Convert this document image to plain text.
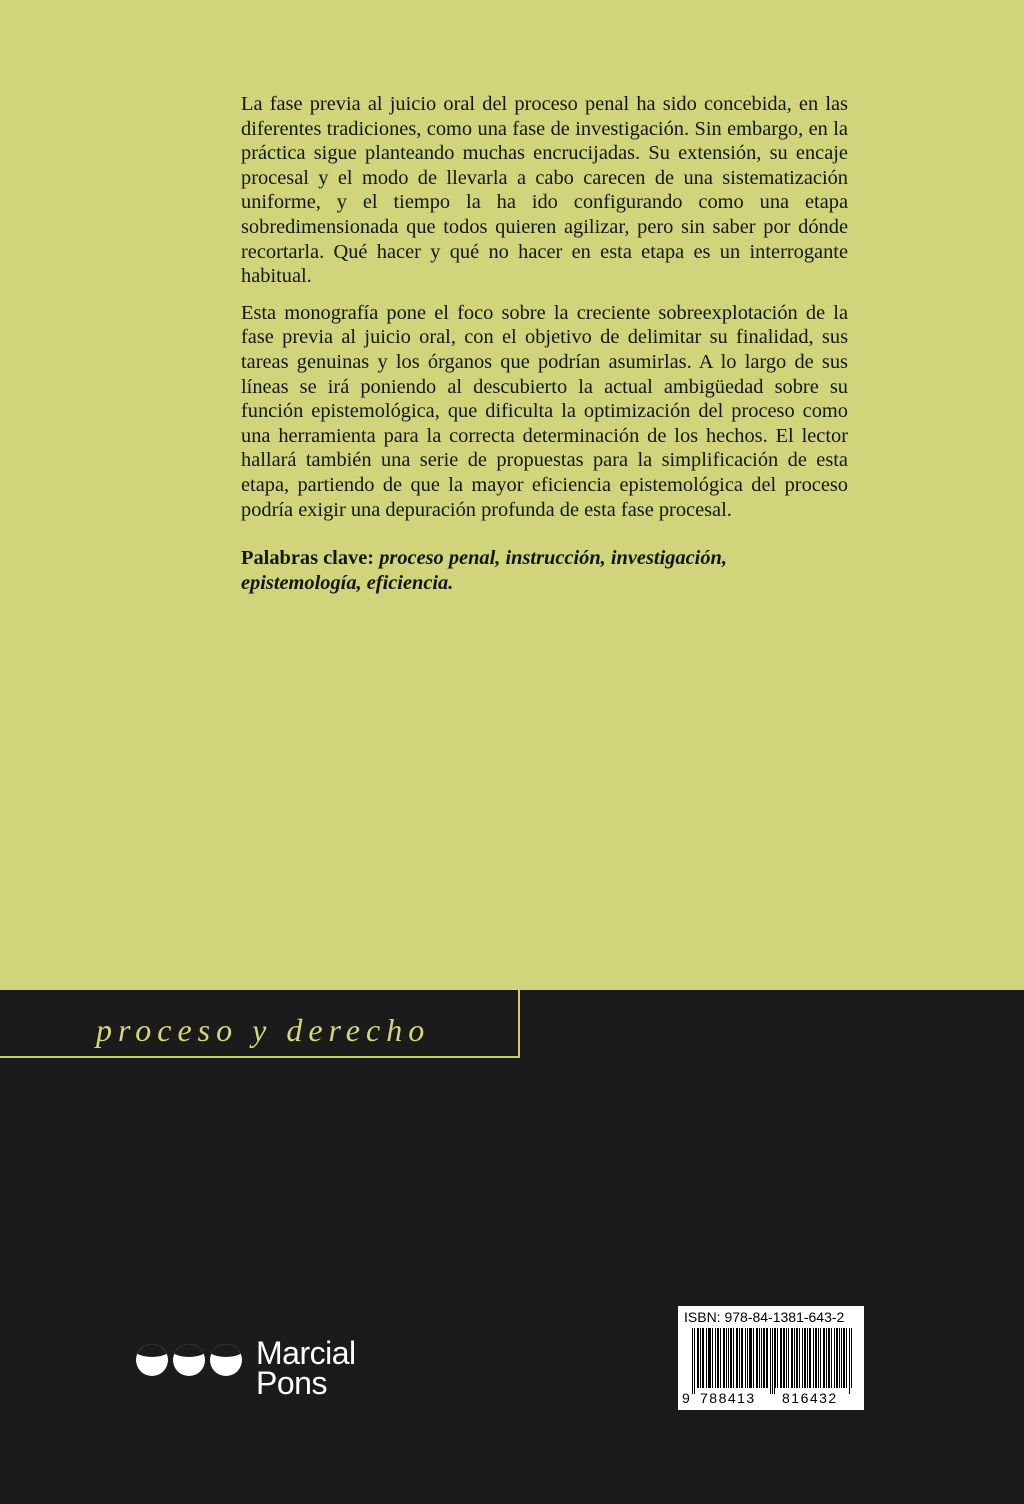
La fase previa al juicio oral del proceso penal ha sido concebida, en las diferentes tradiciones, como una fase de investigación. Sin embargo, en la práctica sigue planteando muchas encrucijadas. Su extensión, su encaje procesal y el modo de llevarla a cabo carecen de una sistematización uniforme, y el tiempo la ha ido configurando como una etapa sobredimensionada que todos quieren agilizar, pero sin saber por dónde recortarla. Qué hacer y qué no hacer en esta etapa es un interrogante habitual.

Esta monografía pone el foco sobre la creciente sobreexplotación de la fase previa al juicio oral, con el objetivo de delimitar su finalidad, sus tareas genuinas y los órganos que podrían asumirlas. A lo largo de sus líneas se irá poniendo al descubierto la actual ambigüedad sobre su función epistemológica, que dificulta la optimización del proceso como una herramienta para la correcta determinación de los hechos. El lector hallará también una serie de propuestas para la simplificación de esta etapa, partiendo de que la mayor eficiencia epistemológica del proceso podría exigir una depuración profunda de esta fase procesal.

Palabras clave: proceso penal, instrucción, investigación, epistemología, eficiencia.

proceso y derecho
Marcial
Pons
ISBN: 978-84-1381-643-2
9 788413 816432
